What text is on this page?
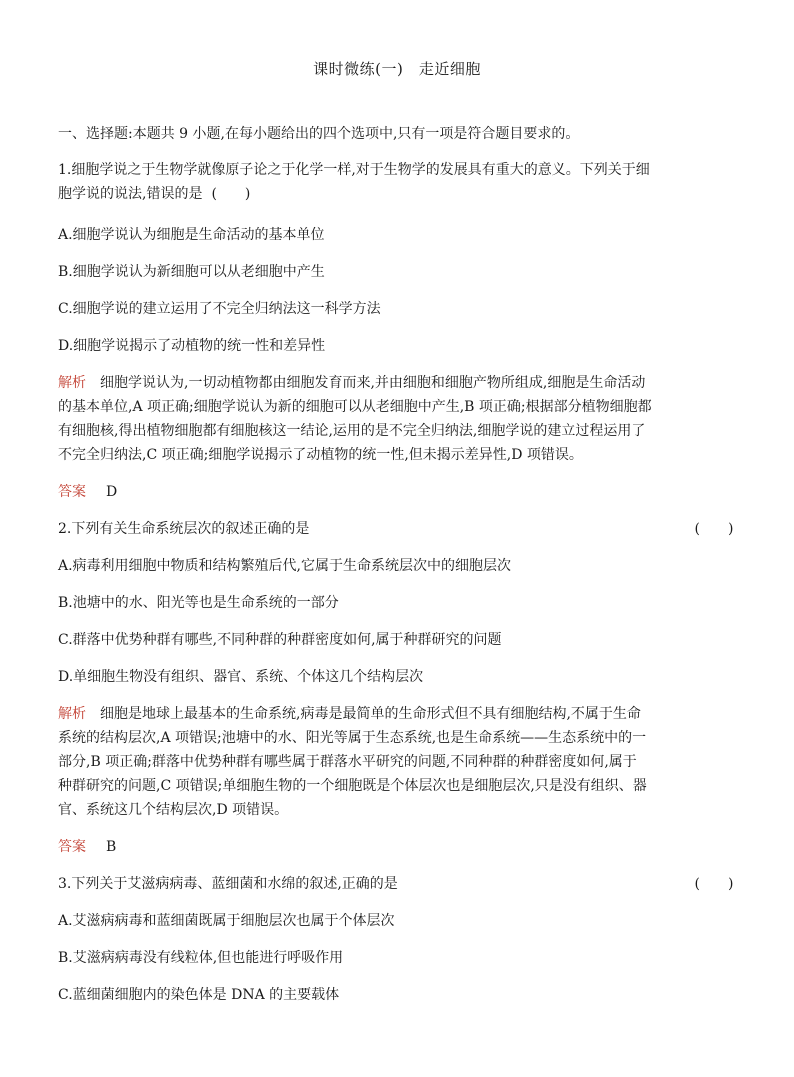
课时微练(一)　走近细胞
一、选择题:本题共 9 小题,在每小题给出的四个选项中,只有一项是符合题目要求的。
1.细胞学说之于生物学就像原子论之于化学一样,对于生物学的发展具有重大的意义。下列关于细
胞学说的说法,错误的是 (　　)
A.细胞学说认为细胞是生命活动的基本单位
B.细胞学说认为新细胞可以从老细胞中产生
C.细胞学说的建立运用了不完全归纳法这一科学方法
D.细胞学说揭示了动植物的统一性和差异性
解析 细胞学说认为,一切动植物都由细胞发育而来,并由细胞和细胞产物所组成,细胞是生命活动
的基本单位,A 项正确;细胞学说认为新的细胞可以从老细胞中产生,B 项正确;根据部分植物细胞都
有细胞核,得出植物细胞都有细胞核这一结论,运用的是不完全归纳法,细胞学说的建立过程运用了
不完全归纳法,C 项正确;细胞学说揭示了动植物的统一性,但未揭示差异性,D 项错误。
答案 D
2.下列有关生命系统层次的叙述正确的是	(　　)
A.病毒利用细胞中物质和结构繁殖后代,它属于生命系统层次中的细胞层次
B.池塘中的水、阳光等也是生命系统的一部分
C.群落中优势种群有哪些,不同种群的种群密度如何,属于种群研究的问题
D.单细胞生物没有组织、器官、系统、个体这几个结构层次
解析 细胞是地球上最基本的生命系统,病毒是最简单的生命形式但不具有细胞结构,不属于生命
系统的结构层次,A 项错误;池塘中的水、阳光等属于生态系统,也是生命系统——生态系统中的一
部分,B 项正确;群落中优势种群有哪些属于群落水平研究的问题,不同种群的种群密度如何,属于
种群研究的问题,C 项错误;单细胞生物的一个细胞既是个体层次也是细胞层次,只是没有组织、器
官、系统这几个结构层次,D 项错误。
答案 B
3.下列关于艾滋病病毒、蓝细菌和水绵的叙述,正确的是	(　　)
A.艾滋病病毒和蓝细菌既属于细胞层次也属于个体层次
B.艾滋病病毒没有线粒体,但也能进行呼吸作用
C.蓝细菌细胞内的染色体是 DNA 的主要载体
